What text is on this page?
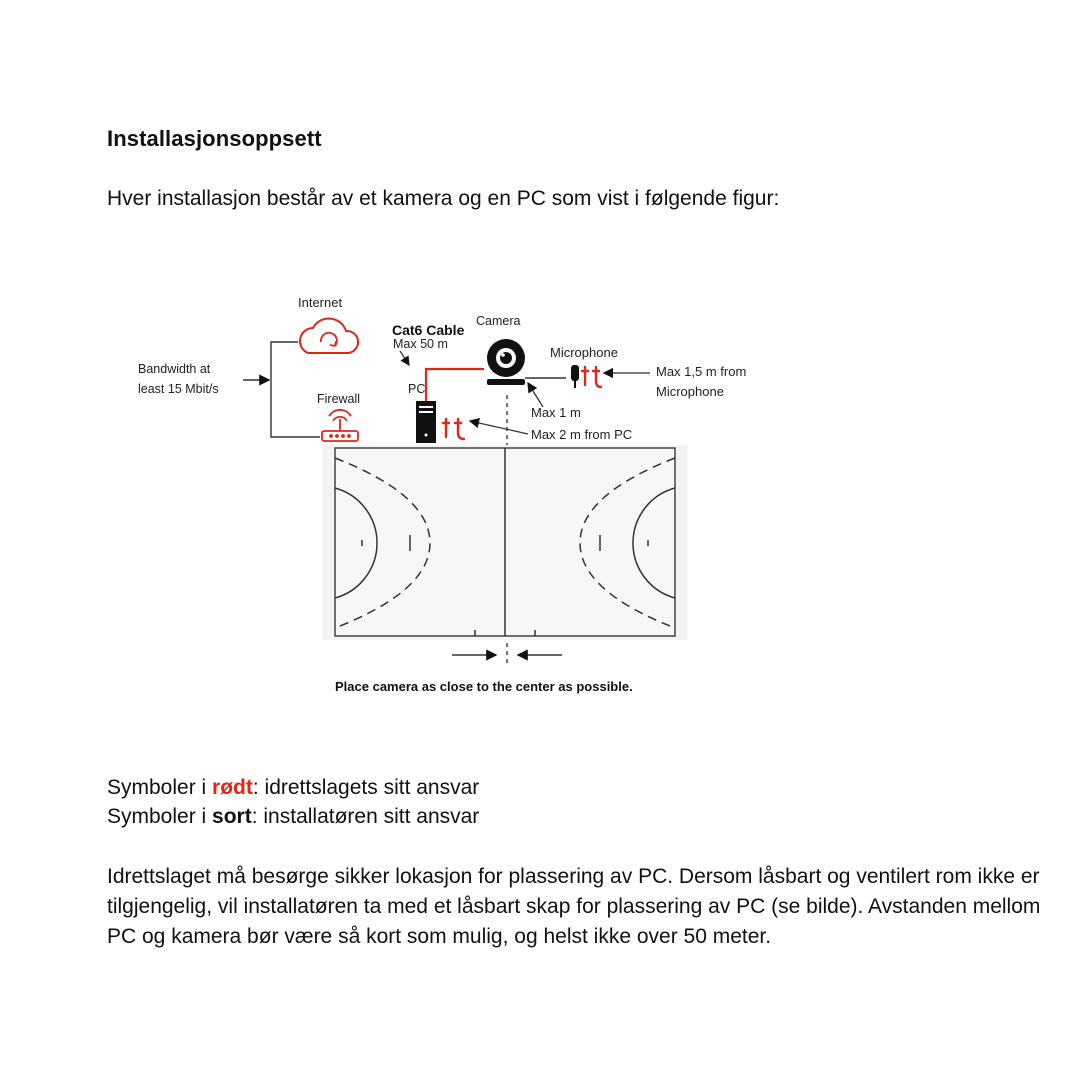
Installasjonsoppsett

Hver installasjon består av et kamera og en PC som vist i følgende figur:

Internet
Bandwidth at
least 15 Mbit/s
Firewall
PC
Cat6 Cable
Max 50 m
Camera
Microphone
Max 1,5 m from
Microphone
Max 1 m
Max 2 m from PC
Place camera as close to the center as possible.

Symboler i rødt: idrettslagets sitt ansvar
Symboler i sort: installatøren sitt ansvar

Idrettslaget må besørge sikker lokasjon for plassering av PC. Dersom låsbart og ventilert rom ikke er tilgjengelig, vil installatøren ta med et låsbart skap for plassering av PC (se bilde). Avstanden mellom PC og kamera bør være så kort som mulig, og helst ikke over 50 meter.
